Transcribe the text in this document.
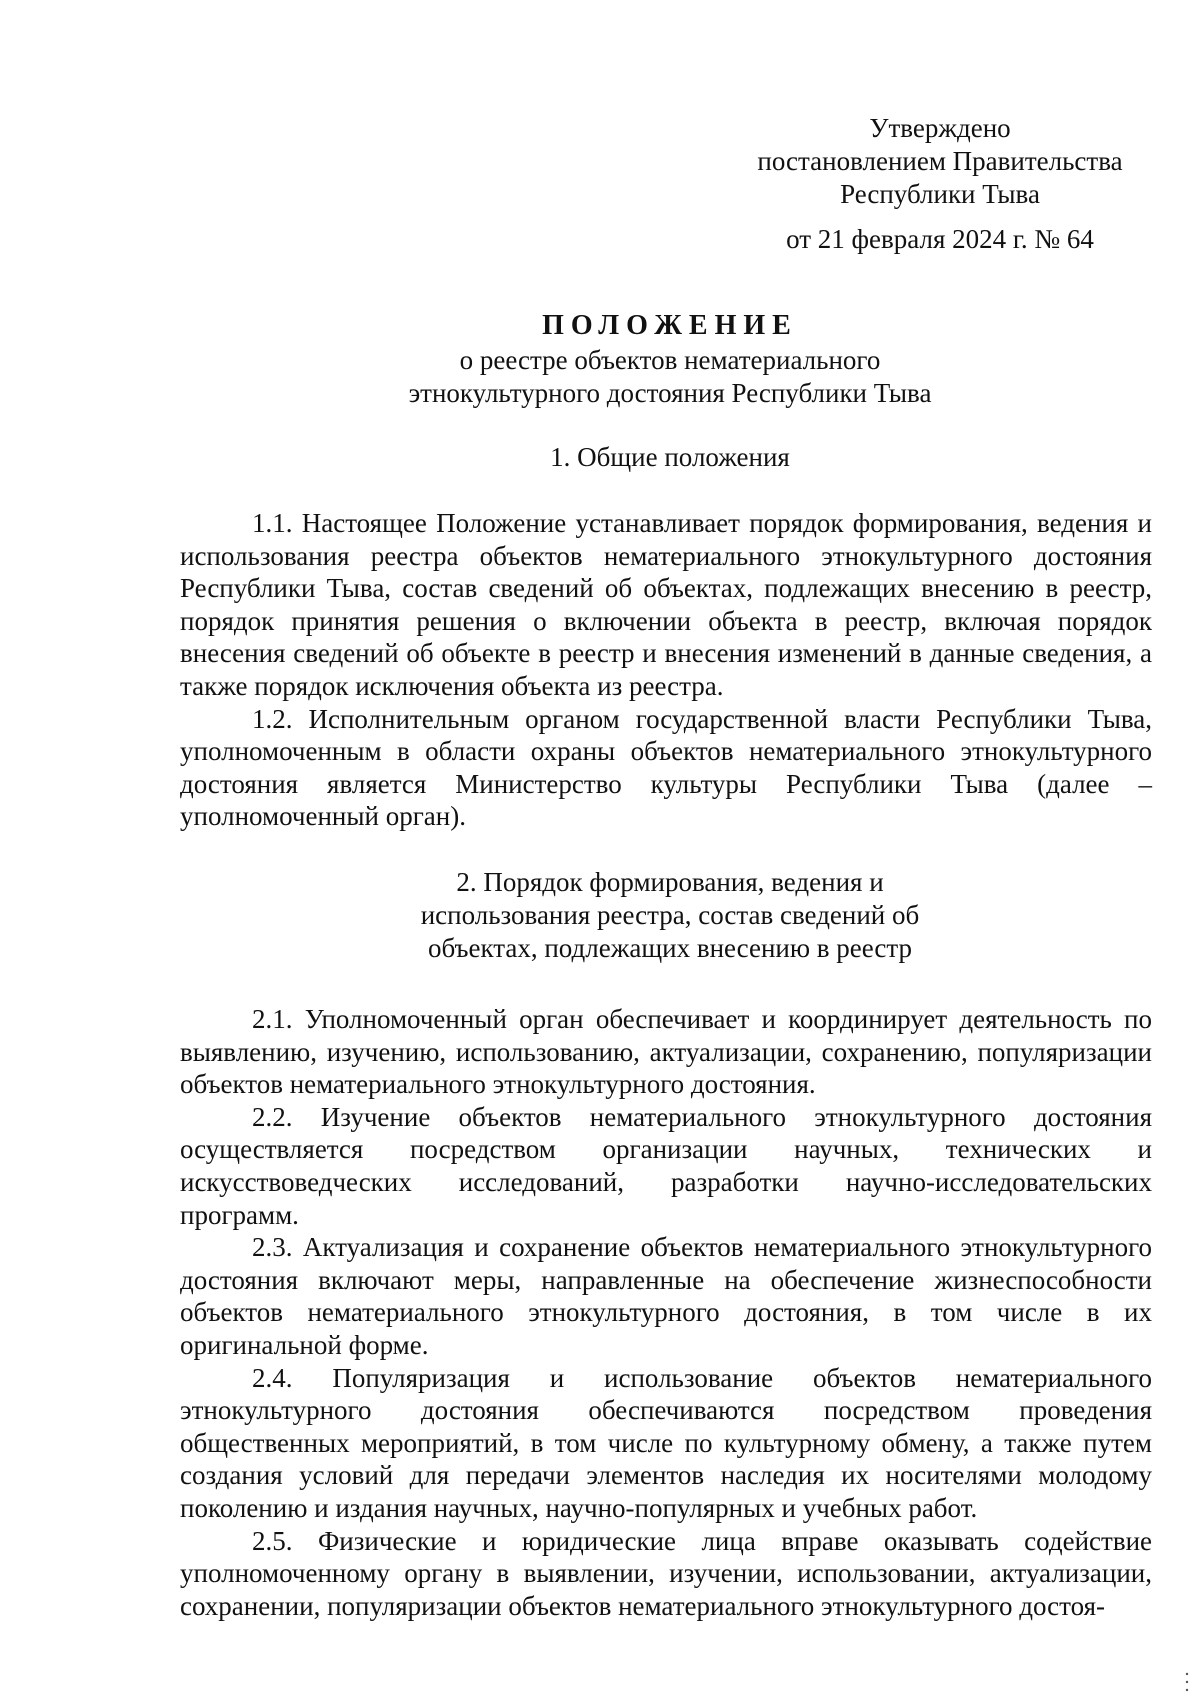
Утверждено
постановлением Правительства
Республики Тыва
от 21 февраля 2024 г. № 64
ПОЛОЖЕНИЕ
о реестре объектов нематериального
этнокультурного достояния Республики Тыва
1. Общие положения

1.1. Настоящее Положение устанавливает порядок формирования, ведения и использования реестра объектов нематериального этнокультурного достояния Республики Тыва, состав сведений об объектах, подлежащих внесению в реестр, порядок принятия решения о включении объекта в реестр, включая порядок внесения сведений об объекте в реестр и внесения изменений в данные сведения, а также порядок исключения объекта из реестра.

1.2. Исполнительным органом государственной власти Республики Тыва, уполномоченным в области охраны объектов нематериального этнокультурного достояния является Министерство культуры Республики Тыва (далее – уполномоченный орган).

2. Порядок формирования, ведения и
использования реестра, состав сведений об
объектах, подлежащих внесению в реестр

2.1. Уполномоченный орган обеспечивает и координирует деятельность по выявлению, изучению, использованию, актуализации, сохранению, популяризации объектов нематериального этнокультурного достояния.

2.2. Изучение объектов нематериального этнокультурного достояния осуществляется посредством организации научных, технических и искусствоведческих исследований, разработки научно-исследовательских программ.

2.3. Актуализация и сохранение объектов нематериального этнокультурного достояния включают меры, направленные на обеспечение жизнеспособности объектов нематериального этнокультурного достояния, в том числе в их оригинальной форме.

2.4. Популяризация и использование объектов нематериального этнокультурного достояния обеспечиваются посредством проведения общественных мероприятий, в том числе по культурному обмену, а также путем создания условий для передачи элементов наследия их носителями молодому поколению и издания научных, научно-популярных и учебных работ.

2.5. Физические и юридические лица вправе оказывать содействие уполномоченному органу в выявлении, изучении, использовании, актуализации, сохранении, популяризации объектов нематериального этнокультурного достоя-
